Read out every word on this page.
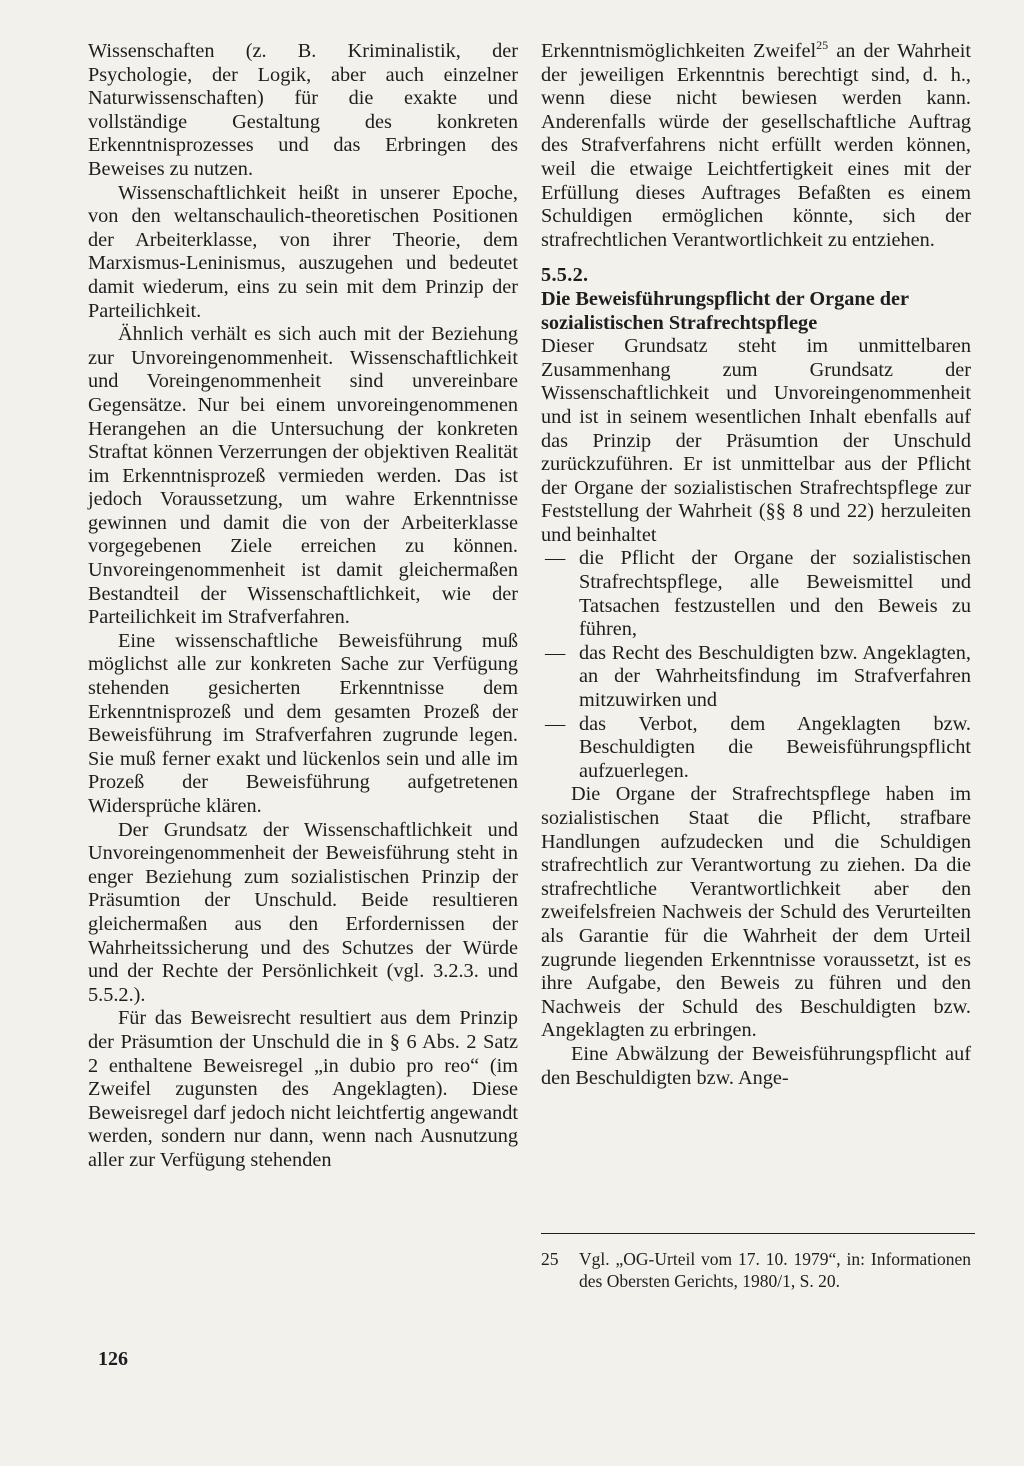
Wissenschaften (z. B. Kriminalistik, der Psychologie, der Logik, aber auch einzelner Naturwissenschaften) für die exakte und vollständige Gestaltung des konkreten Erkenntnisprozesses und das Erbringen des Beweises zu nutzen.

Wissenschaftlichkeit heißt in unserer Epoche, von den weltanschaulich-theoretischen Positionen der Arbeiterklasse, von ihrer Theorie, dem Marxismus-Leninismus, auszugehen und bedeutet damit wiederum, eins zu sein mit dem Prinzip der Parteilichkeit.

Ähnlich verhält es sich auch mit der Beziehung zur Unvoreingenommenheit. Wissenschaftlichkeit und Voreingenommenheit sind unvereinbare Gegensätze. Nur bei einem unvoreingenommenen Herangehen an die Untersuchung der konkreten Straftat können Verzerrungen der objektiven Realität im Erkenntnisprozeß vermieden werden. Das ist jedoch Voraussetzung, um wahre Erkenntnisse gewinnen und damit die von der Arbeiterklasse vorgegebenen Ziele erreichen zu können. Unvoreingenommenheit ist damit gleichermaßen Bestandteil der Wissenschaftlichkeit, wie der Parteilichkeit im Strafverfahren.

Eine wissenschaftliche Beweisführung muß möglichst alle zur konkreten Sache zur Verfügung stehenden gesicherten Erkenntnisse dem Erkenntnisprozeß und dem gesamten Prozeß der Beweisführung im Strafverfahren zugrunde legen. Sie muß ferner exakt und lückenlos sein und alle im Prozeß der Beweisführung aufgetretenen Widersprüche klären.

Der Grundsatz der Wissenschaftlichkeit und Unvoreingenommenheit der Beweisführung steht in enger Beziehung zum sozialistischen Prinzip der Präsumtion der Unschuld. Beide resultieren gleichermaßen aus den Erfordernissen der Wahrheitssicherung und des Schutzes der Würde und der Rechte der Persönlichkeit (vgl. 3.2.3. und 5.5.2.).

Für das Beweisrecht resultiert aus dem Prinzip der Präsumtion der Unschuld die in § 6 Abs. 2 Satz 2 enthaltene Beweisregel „in dubio pro reo“ (im Zweifel zugunsten des Angeklagten). Diese Beweisregel darf jedoch nicht leichtfertig angewandt werden, sondern nur dann, wenn nach Ausnutzung aller zur Verfügung stehenden

Erkenntnismöglichkeiten Zweifel$^{25}$ an der Wahrheit der jeweiligen Erkenntnis berechtigt sind, d. h., wenn diese nicht bewiesen werden kann. Anderenfalls würde der gesellschaftliche Auftrag des Strafverfahrens nicht erfüllt werden können, weil die etwaige Leichtfertigkeit eines mit der Erfüllung dieses Auftrages Befaßten es einem Schuldigen ermöglichen könnte, sich der strafrechtlichen Verantwortlichkeit zu entziehen.

5.5.2.

Die Beweisführungspflicht der Organe der sozialistischen Strafrechtspflege

Dieser Grundsatz steht im unmittelbaren Zusammenhang zum Grundsatz der Wissenschaftlichkeit und Unvoreingenommenheit und ist in seinem wesentlichen Inhalt ebenfalls auf das Prinzip der Präsumtion der Unschuld zurückzuführen. Er ist unmittelbar aus der Pflicht der Organe der sozialistischen Strafrechtspflege zur Feststellung der Wahrheit (§§ 8 und 22) herzuleiten und beinhaltet

— die Pflicht der Organe der sozialistischen Strafrechtspflege, alle Beweismittel und Tatsachen festzustellen und den Beweis zu führen,
— das Recht des Beschuldigten bzw. Angeklagten, an der Wahrheitsfindung im Strafverfahren mitzuwirken und
— das Verbot, dem Angeklagten bzw. Beschuldigten die Beweisführungspflicht aufzuerlegen.

Die Organe der Strafrechtspflege haben im sozialistischen Staat die Pflicht, strafbare Handlungen aufzudecken und die Schuldigen strafrechtlich zur Verantwortung zu ziehen. Da die strafrechtliche Verantwortlichkeit aber den zweifelsfreien Nachweis der Schuld des Verurteilten als Garantie für die Wahrheit der dem Urteil zugrunde liegenden Erkenntnisse voraussetzt, ist es ihre Aufgabe, den Beweis zu führen und den Nachweis der Schuld des Beschuldigten bzw. Angeklagten zu erbringen.

Eine Abwälzung der Beweisführungspflicht auf den Beschuldigten bzw. Ange-

25	Vgl. „OG-Urteil vom 17. 10. 1979“, in: Informationen des Obersten Gerichts, 1980/1, S. 20.
126
